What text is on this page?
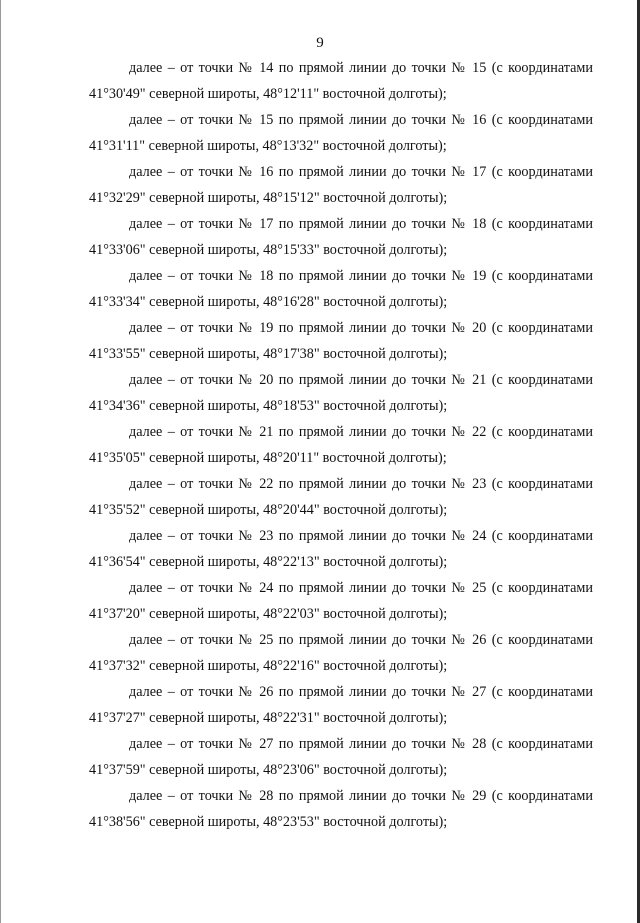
9

далее – от точки № 14 по прямой линии до точки № 15 (с координатами
41°30'49" северной широты, 48°12'11" восточной долготы);

далее – от точки № 15 по прямой линии до точки № 16 (с координатами
41°31'11" северной широты, 48°13'32" восточной долготы);

далее – от точки № 16 по прямой линии до точки № 17 (с координатами
41°32'29" северной широты, 48°15'12" восточной долготы);

далее – от точки № 17 по прямой линии до точки № 18 (с координатами
41°33'06" северной широты, 48°15'33" восточной долготы);

далее – от точки № 18 по прямой линии до точки № 19 (с координатами
41°33'34" северной широты, 48°16'28" восточной долготы);

далее – от точки № 19 по прямой линии до точки № 20 (с координатами
41°33'55" северной широты, 48°17'38" восточной долготы);

далее – от точки № 20 по прямой линии до точки № 21 (с координатами
41°34'36" северной широты, 48°18'53" восточной долготы);

далее – от точки № 21 по прямой линии до точки № 22 (с координатами
41°35'05" северной широты, 48°20'11" восточной долготы);

далее – от точки № 22 по прямой линии до точки № 23 (с координатами
41°35'52" северной широты, 48°20'44" восточной долготы);

далее – от точки № 23 по прямой линии до точки № 24 (с координатами
41°36'54" северной широты, 48°22'13" восточной долготы);

далее – от точки № 24 по прямой линии до точки № 25 (с координатами
41°37'20" северной широты, 48°22'03" восточной долготы);

далее – от точки № 25 по прямой линии до точки № 26 (с координатами
41°37'32" северной широты, 48°22'16" восточной долготы);

далее – от точки № 26 по прямой линии до точки № 27 (с координатами
41°37'27" северной широты, 48°22'31" восточной долготы);

далее – от точки № 27 по прямой линии до точки № 28 (с координатами
41°37'59" северной широты, 48°23'06" восточной долготы);

далее – от точки № 28 по прямой линии до точки № 29 (с координатами
41°38'56" северной широты, 48°23'53" восточной долготы);
